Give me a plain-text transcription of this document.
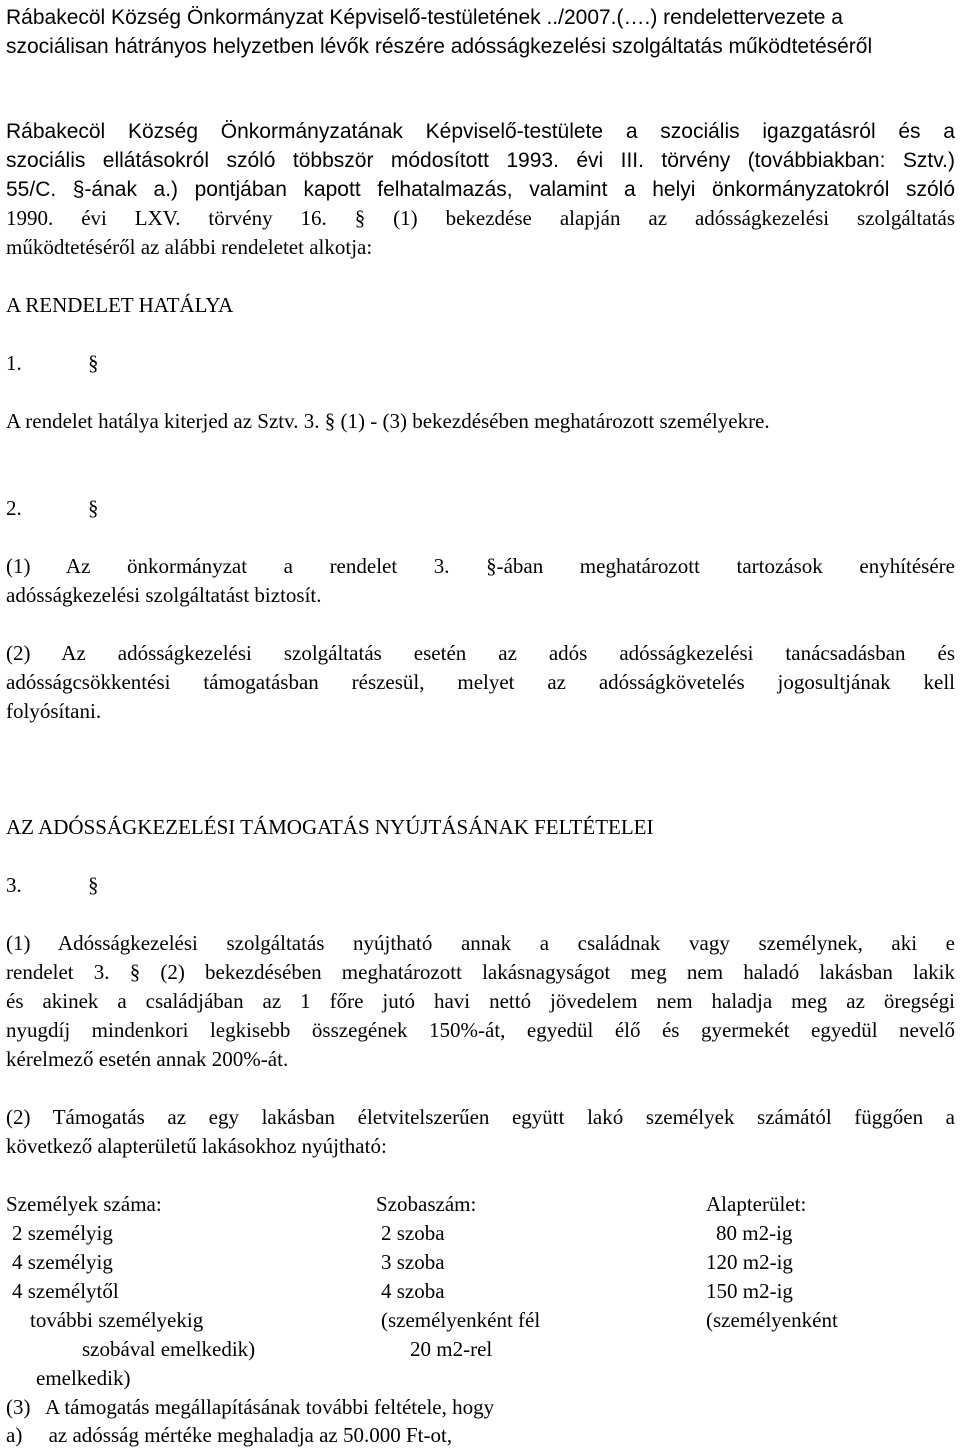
Rábakecöl Község Önkormányzat Képviselő-testületének ../2007.(….) rendelettervezete a
szociálisan hátrányos helyzetben lévők részére adósságkezelési szolgáltatás működtetéséről
Rábakecöl Község Önkormányzatának Képviselő-testülete a szociális igazgatásról és a
szociális ellátásokról szóló többször módosított 1993. évi III. törvény (továbbiakban: Sztv.)
55/C. §-ának a.) pontjában kapott felhatalmazás, valamint a helyi önkormányzatokról szóló
1990. évi LXV. törvény 16. § (1) bekezdése alapján az adósságkezelési szolgáltatás
működtetéséről az alábbi rendeletet alkotja:
A RENDELET HATÁLYA
1.	§
A rendelet hatálya kiterjed az Sztv. 3. § (1) - (3) bekezdésében meghatározott személyekre.
2.	§
(1) Az önkormányzat a rendelet 3. §-ában meghatározott tartozások enyhítésére
adósságkezelési szolgáltatást biztosít.
(2) Az adósságkezelési szolgáltatás esetén az adós adósságkezelési tanácsadásban és
adósságcsökkentési támogatásban részesül, melyet az adósságkövetelés jogosultjának kell
folyósítani.
AZ ADÓSSÁGKEZELÉSI TÁMOGATÁS NYÚJTÁSÁNAK FELTÉTELEI
3.	§
(1) Adósságkezelési szolgáltatás nyújtható annak a családnak vagy személynek, aki e
rendelet 3. § (2) bekezdésében meghatározott lakásnagyságot meg nem haladó lakásban lakik
és akinek a családjában az 1 főre jutó havi nettó jövedelem nem haladja meg az öregségi
nyugdíj mindenkori legkisebb összegének 150%-át, egyedül élő és gyermekét egyedül nevelő
kérelmező esetén annak 200%-át.
(2) Támogatás az egy lakásban életvitelszerűen együtt lakó személyek számától függően a
következő alapterületű lakásokhoz nyújtható:
Személyek száma:	Szobaszám:	Alapterület:
2 személyig	2 szoba	80 m2-ig
4 személyig	3 szoba	120 m2-ig
4 személytől	4 szoba	150 m2-ig
további személyekig	(személyenként fél	(személyenként
szobával emelkedik)	20 m2-rel
emelkedik)
(3)   A támogatás megállapításának további feltétele, hogy
a)     az adósság mértéke meghaladja az 50.000 Ft-ot,
